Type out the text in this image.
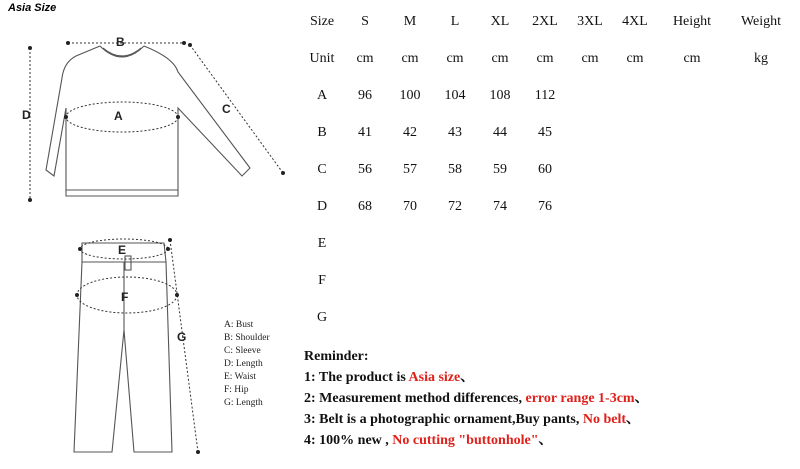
Asia Size
B
A	C
D
E
F
G
A: Bust
B: Shoulder
C: Sleeve
D: Length
E: Waist
F: Hip
G: Length
Size	S	M	L	XL	2XL	3XL	4XL	Height	Weight
Unit	cm	cm	cm	cm	cm	cm	cm	cm	kg
A	96	100	104	108	112				
B	41	42	43	44	45				
C	56	57	58	59	60				
D	68	70	72	74	76				
E									
F									
G									
Reminder:
1: The product is Asia size、
2: Measurement method differences, error range 1-3cm、
3: Belt is a photographic ornament,Buy pants, No belt、
4: 100% new , No cutting "buttonhole"、
